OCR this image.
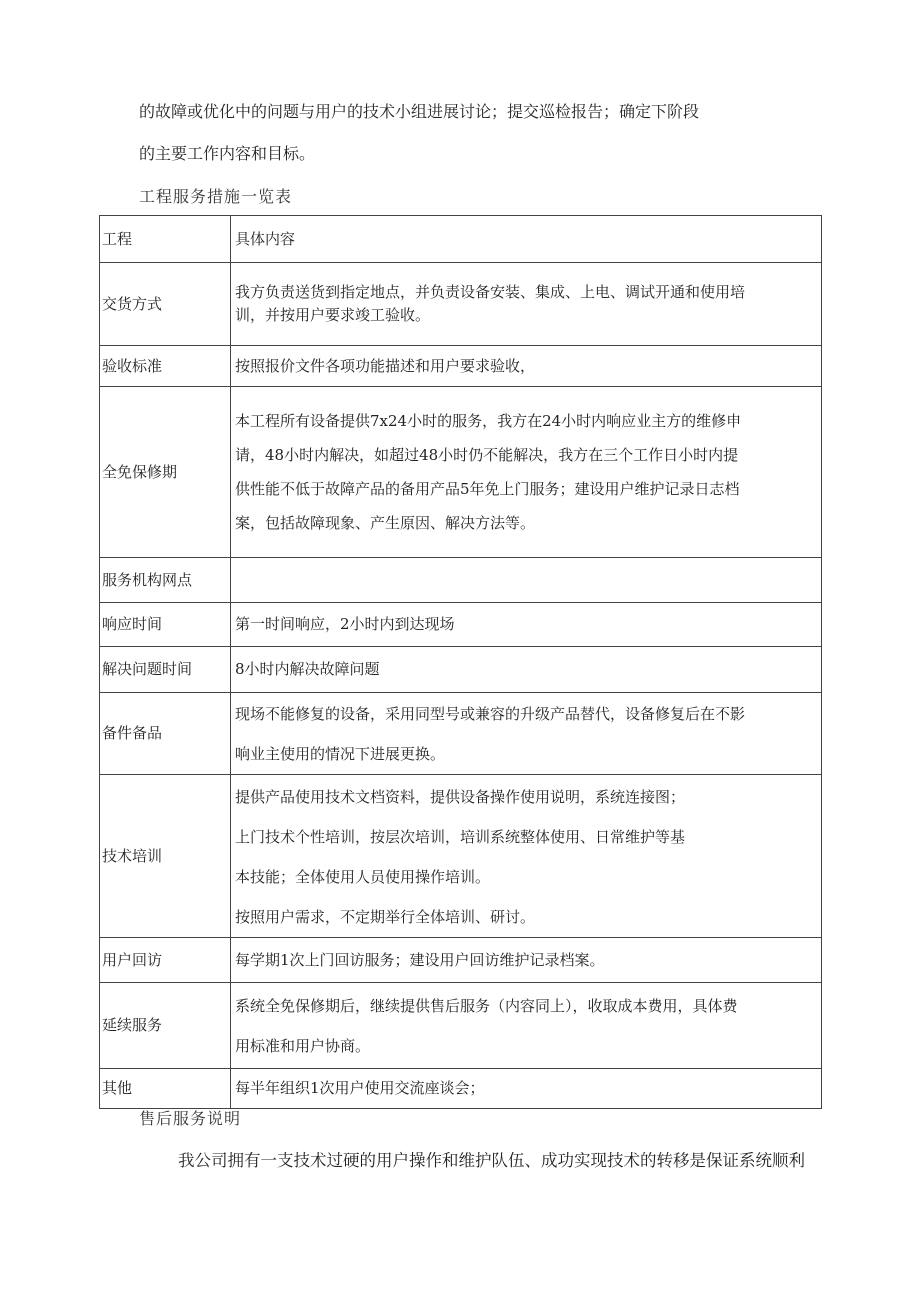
的故障或优化中的问题与用户的技术小组进展讨论；提交巡检报告；确定下阶段
的主要工作内容和目标。
工程服务措施一览表
工程	具体内容
交货方式	我方负责送货到指定地点，并负责设备安装、集成、上电、调试开通和使用培
训，并按用户要求竣工验收。

验收标准	按照报价文件各项功能描述和用户要求验收，

全免保修期	本工程所有设备提供7x24小时的服务，我方在24小时内响应业主方的维修申
请，48小时内解决，如超过48小时仍不能解决，我方在三个工作日小时内提
供性能不低于故障产品的备用产品5年免上门服务；建设用户维护记录日志档
案，包括故障现象、产生原因、解决方法等。

服务机构网点	
响应时间	第一时间响应，2小时内到达现场

解决问题时间	8小时内解决故障问题

备件备品	现场不能修复的设备，采用同型号或兼容的升级产品替代，设备修复后在不影
响业主使用的情况下进展更换。

技术培训	提供产品使用技术文档资料，提供设备操作使用说明，系统连接图；
上门技术个性培训，按层次培训，培训系统整体使用、日常维护等基
本技能；全体使用人员使用操作培训。
按照用户需求，不定期举行全体培训、研讨。

用户回访	每学期1次上门回访服务；建设用户回访维护记录档案。

延续服务	系统全免保修期后，继续提供售后服务（内容同上），收取成本费用，具体费
用标准和用户协商。

其他	每半年组织1次用户使用交流座谈会；
售后服务说明
我公司拥有一支技术过硬的用户操作和维护队伍、成功实现技术的转移是保证系统顺利
